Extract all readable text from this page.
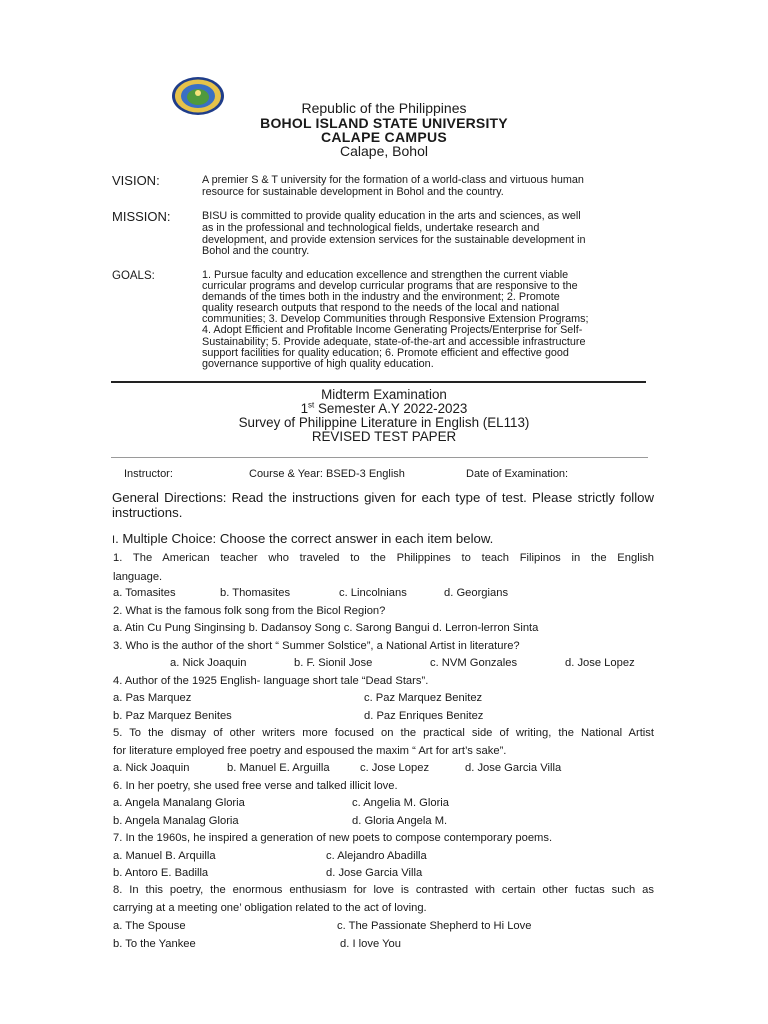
Republic of the Philippines
BOHOL ISLAND STATE UNIVERSITY
CALAPE CAMPUS
Calape, Bohol
VISION:	A premier S & T university for the formation of a world-class and virtuous human
resource for sustainable development in Bohol and the country.
MISSION:	BISU is committed to provide quality education in the arts and sciences, as well
as in the professional and technological fields, undertake research and
development, and provide extension services for the sustainable development in
Bohol and the country.
GOALS:	1. Pursue faculty and education excellence and strengthen the current viable
curricular programs and develop curricular programs that are responsive to the
demands of the times both in the industry and the environment; 2. Promote
quality research outputs that respond to the needs of the local and national
communities; 3. Develop Communities through Responsive Extension Programs;
4. Adopt Efficient and Profitable Income Generating Projects/Enterprise for Self-
Sustainability; 5. Provide adequate, state-of-the-art and accessible infrastructure
support facilities for quality education; 6. Promote efficient and effective good
governance supportive of high quality education.
Midterm Examination
1st Semester A.Y 2022-2023
Survey of Philippine Literature in English (EL113)
REVISED TEST PAPER
Instructor:	Course & Year: BSED-3 English	Date of Examination:
General Directions: Read the instructions given for each type of test. Please strictly follow instructions.
I. Multiple Choice: Choose the correct answer in each item below.
1. The American teacher who traveled to the Philippines to teach Filipinos in the English
language.
a. Tomasites	b. Thomasites	c. Lincolnians	d. Georgians
2. What is the famous folk song from the Bicol Region?
a. Atin Cu Pung Singinsing b. Dadansoy Song c. Sarong Bangui d. Lerron-lerron Sinta
3. Who is the author of the short “ Summer Solstice”, a National Artist in literature?
a. Nick Joaquin	b. F. Sionil Jose	c. NVM Gonzales	d. Jose Lopez
4. Author of the 1925 English- language short tale “Dead Stars”.
a. Pas Marquez	c. Paz Marquez Benitez
b. Paz Marquez Benites	d. Paz Enriques Benitez
5. To the dismay of other writers more focused on the practical side of writing, the National Artist
for literature employed free poetry and espoused the maxim “ Art for art’s sake”.
a. Nick Joaquin	b. Manuel E. Arguilla	c. Jose Lopez	d. Jose Garcia Villa
6. In her poetry, she used free verse and talked illicit love.
a. Angela Manalang Gloria	c. Angelia M. Gloria
b. Angela Manalag Gloria	d. Gloria Angela M.
7. In the 1960s, he inspired a generation of new poets to compose contemporary poems.
a. Manuel B. Arquilla	c. Alejandro Abadilla
b. Antoro E. Badilla	d. Jose Garcia Villa
8. In this poetry, the enormous enthusiasm for love is contrasted with certain other fuctas such as
carrying at a meeting one’ obligation related to the act of loving.
a. The Spouse	c. The Passionate Shepherd to Hi Love
b. To the Yankee	d. I love You
